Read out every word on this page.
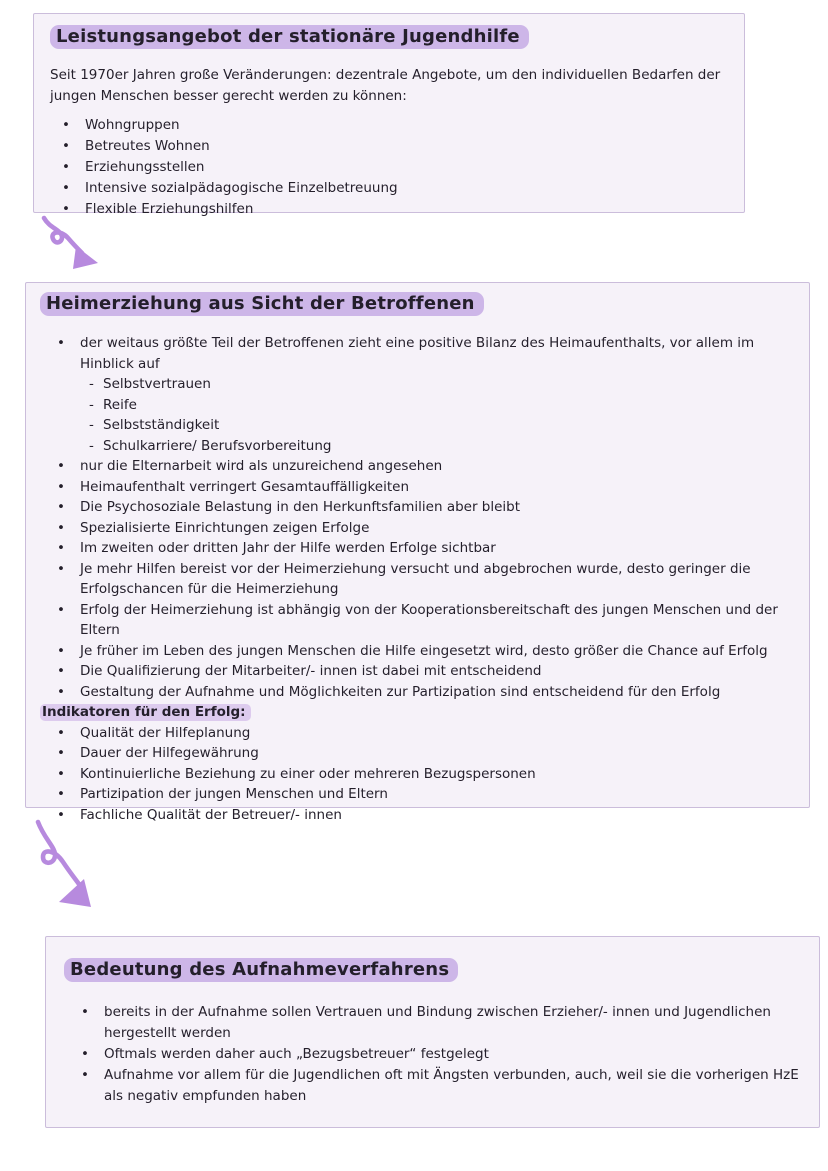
Leistungsangebot der stationäre Jugendhilfe

Seit 1970er Jahren große Veränderungen: dezentrale Angebote, um den individuellen Bedarfen der jungen Menschen besser gerecht werden zu können:

• Wohngruppen
• Betreutes Wohnen
• Erziehungsstellen
• Intensive sozialpädagogische Einzelbetreuung
• Flexible Erziehungshilfen
Heimerziehung aus Sicht der Betroffenen
•
der weitaus größte Teil der Betroffenen zieht eine positive Bilanz des Heimaufenthalts, vor allem im Hinblick auf
-
Selbstvertrauen
-
Reife
-
Selbstständigkeit
-
Schulkarriere/ Berufsvorbereitung
•
nur die Elternarbeit wird als unzureichend angesehen
•
Heimaufenthalt verringert Gesamtauffälligkeiten
•
Die Psychosoziale Belastung in den Herkunftsfamilien aber bleibt
•
Spezialisierte Einrichtungen zeigen Erfolge
•
Im zweiten oder dritten Jahr der Hilfe werden Erfolge sichtbar
•
Je mehr Hilfen bereist vor der Heimerziehung versucht und abgebrochen wurde, desto geringer die Erfolgschancen für die Heimerziehung
•
Erfolg der Heimerziehung ist abhängig von der Kooperationsbereitschaft des jungen Menschen und der Eltern
•
Je früher im Leben des jungen Menschen die Hilfe eingesetzt wird, desto größer die Chance auf Erfolg
•
Die Qualifizierung der Mitarbeiter/- innen ist dabei mit entscheidend
•
Gestaltung der Aufnahme und Möglichkeiten zur Partizipation sind entscheidend für den Erfolg
Indikatoren für den Erfolg:
•
Qualität der Hilfeplanung
•
Dauer der Hilfegewährung
•
Kontinuierliche Beziehung zu einer oder mehreren Bezugspersonen
•
Partizipation der jungen Menschen und Eltern
•
Fachliche Qualität der Betreuer/- innen
Bedeutung des Aufnahmeverfahrens
• bereits in der Aufnahme sollen Vertrauen und Bindung zwischen Erzieher/- innen und Jugendlichen hergestellt werden
• Oftmals werden daher auch „Bezugsbetreuer“ festgelegt
• Aufnahme vor allem für die Jugendlichen oft mit Ängsten verbunden, auch, weil sie die vorherigen HzE als negativ empfunden haben
